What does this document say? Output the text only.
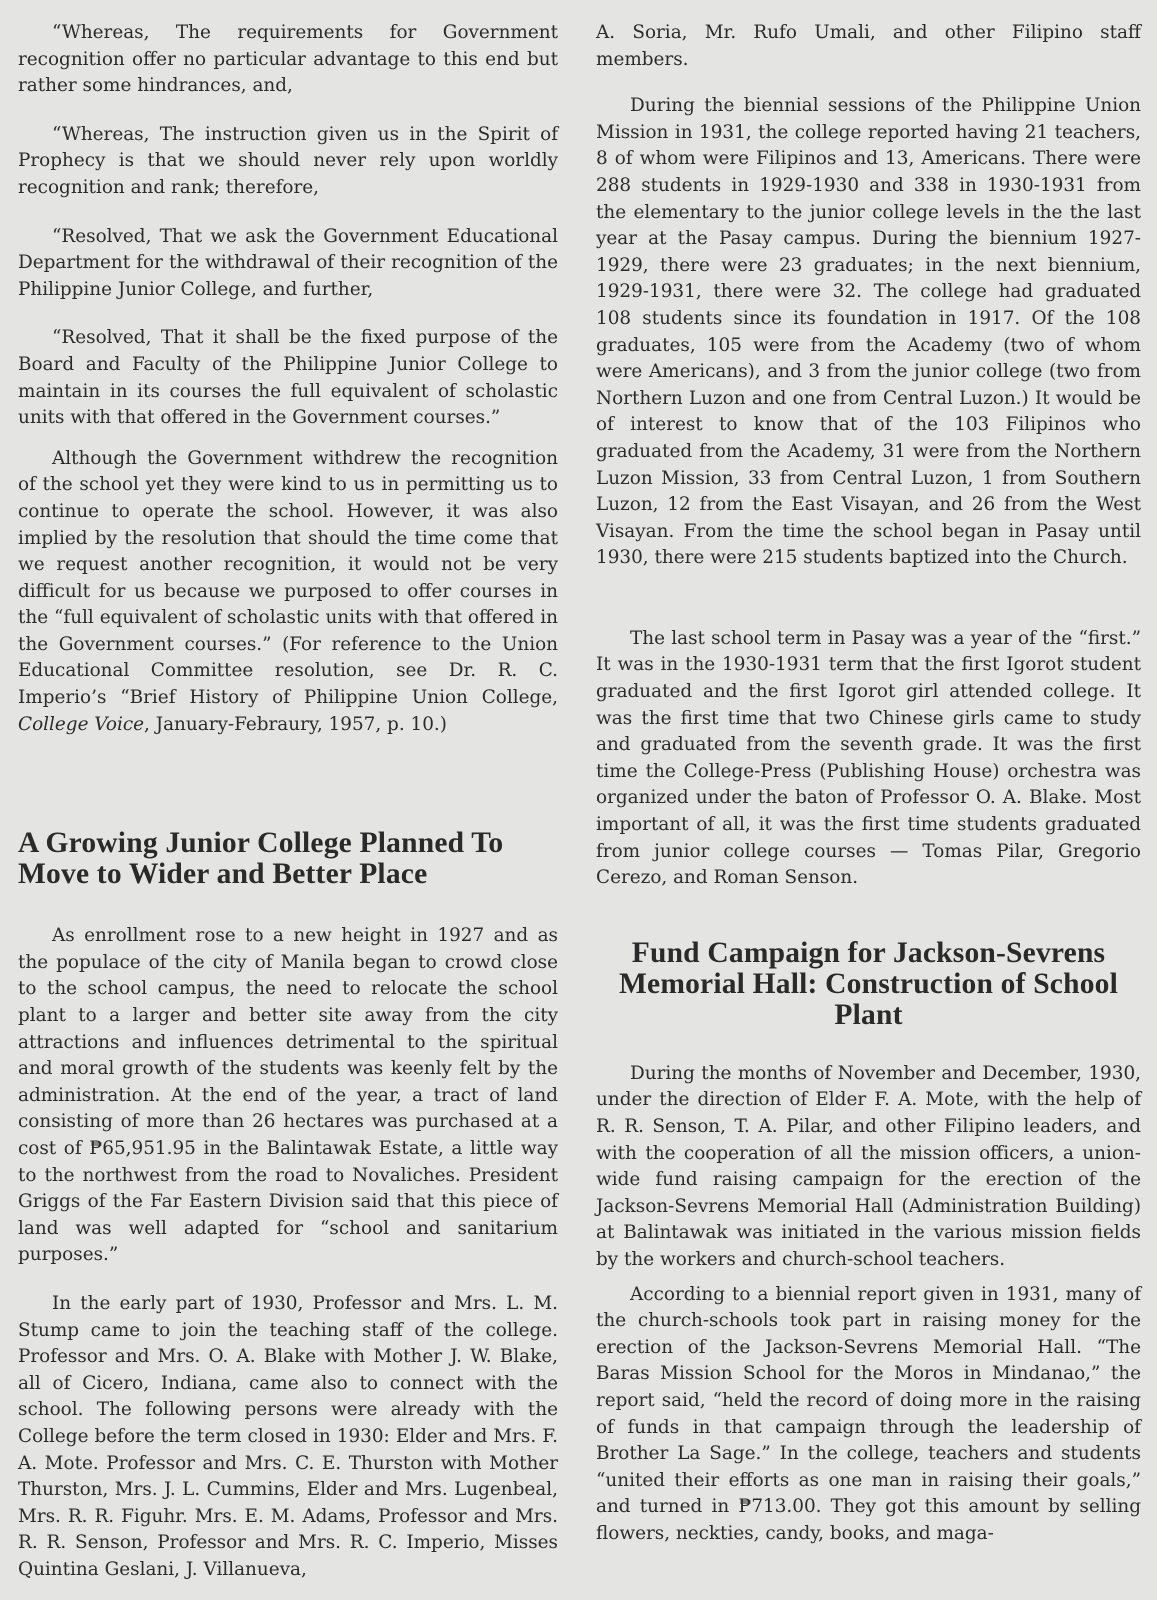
“Whereas, The requirements for Government recognition offer no particular advantage to this end but rather some hindrances, and,

“Whereas, The instruction given us in the Spirit of Prophecy is that we should never rely upon worldly recognition and rank; therefore,

“Resolved, That we ask the Government Educational Department for the withdrawal of their recognition of the Philippine Junior College, and further,

“Resolved, That it shall be the fixed purpose of the Board and Faculty of the Philippine Junior College to maintain in its courses the full equivalent of scholastic units with that offered in the Government courses.”

Although the Government withdrew the recognition of the school yet they were kind to us in permitting us to continue to operate the school. However, it was also implied by the resolution that should the time come that we request another recognition, it would not be very difficult for us because we purposed to offer courses in the “full equivalent of scholastic units with that offered in the Government courses.” (For reference to the Union Educational Committee resolution, see Dr. R. C. Imperio’s “Brief History of Philippine Union College, College Voice, January-Febraury, 1957, p. 10.)

A Growing Junior College Planned To Move to Wider and Better Place

As enrollment rose to a new height in 1927 and as the populace of the city of Manila began to crowd close to the school campus, the need to relocate the school plant to a larger and better site away from the city attractions and influences detrimental to the spiritual and moral growth of the students was keenly felt by the administration. At the end of the year, a tract of land consisting of more than 26 hectares was purchased at a cost of ₱65,951.95 in the Balintawak Estate, a little way to the northwest from the road to Novaliches. President Griggs of the Far Eastern Division said that this piece of land was well adapted for “school and sanitarium purposes.”

In the early part of 1930, Professor and Mrs. L. M. Stump came to join the teaching staff of the college. Professor and Mrs. O. A. Blake with Mother J. W. Blake, all of Cicero, Indiana, came also to connect with the school. The following persons were already with the College before the term closed in 1930: Elder and Mrs. F. A. Mote. Professor and Mrs. C. E. Thurston with Mother Thurston, Mrs. J. L. Cummins, Elder and Mrs. Lugenbeal, Mrs. R. R. Figuhr. Mrs. E. M. Adams, Professor and Mrs. R. R. Senson, Professor and Mrs. R. C. Imperio, Misses Quintina Geslani, J. Villanueva,

A. Soria, Mr. Rufo Umali, and other Filipino staff members.

During the biennial sessions of the Philippine Union Mission in 1931, the college reported having 21 teachers, 8 of whom were Filipinos and 13, Americans. There were 288 students in 1929-1930 and 338 in 1930-1931 from the elementary to the junior college levels in the the last year at the Pasay campus. During the biennium 1927-1929, there were 23 graduates; in the next biennium, 1929-1931, there were 32. The college had graduated 108 students since its foundation in 1917. Of the 108 graduates, 105 were from the Academy (two of whom were Americans), and 3 from the junior college (two from Northern Luzon and one from Central Luzon.) It would be of interest to know that of the 103 Filipinos who graduated from the Academy, 31 were from the Northern Luzon Mission, 33 from Central Luzon, 1 from Southern Luzon, 12 from the East Visayan, and 26 from the West Visayan. From the time the school began in Pasay until 1930, there were 215 students baptized into the Church.

The last school term in Pasay was a year of the “first.” It was in the 1930-1931 term that the first Igorot student graduated and the first Igorot girl attended college. It was the first time that two Chinese girls came to study and graduated from the seventh grade. It was the first time the College-Press (Publishing House) orchestra was organized under the baton of Professor O. A. Blake. Most important of all, it was the first time students graduated from junior college courses — Tomas Pilar, Gregorio Cerezo, and Roman Senson.

Fund Campaign for Jackson-Sevrens Memorial Hall: Construction of School Plant

During the months of November and December, 1930, under the direction of Elder F. A. Mote, with the help of R. R. Senson, T. A. Pilar, and other Filipino leaders, and with the cooperation of all the mission officers, a union-wide fund raising campaign for the erection of the Jackson-Sevrens Memorial Hall (Administration Building) at Balintawak was initiated in the various mission fields by the workers and church-school teachers.

According to a biennial report given in 1931, many of the church-schools took part in raising money for the erection of the Jackson-Sevrens Memorial Hall. “The Baras Mission School for the Moros in Mindanao,” the report said, “held the record of doing more in the raising of funds in that campaign through the leadership of Brother La Sage.” In the college, teachers and students “united their efforts as one man in raising their goals,” and turned in ₱713.00. They got this amount by selling flowers, neckties, candy, books, and maga-
